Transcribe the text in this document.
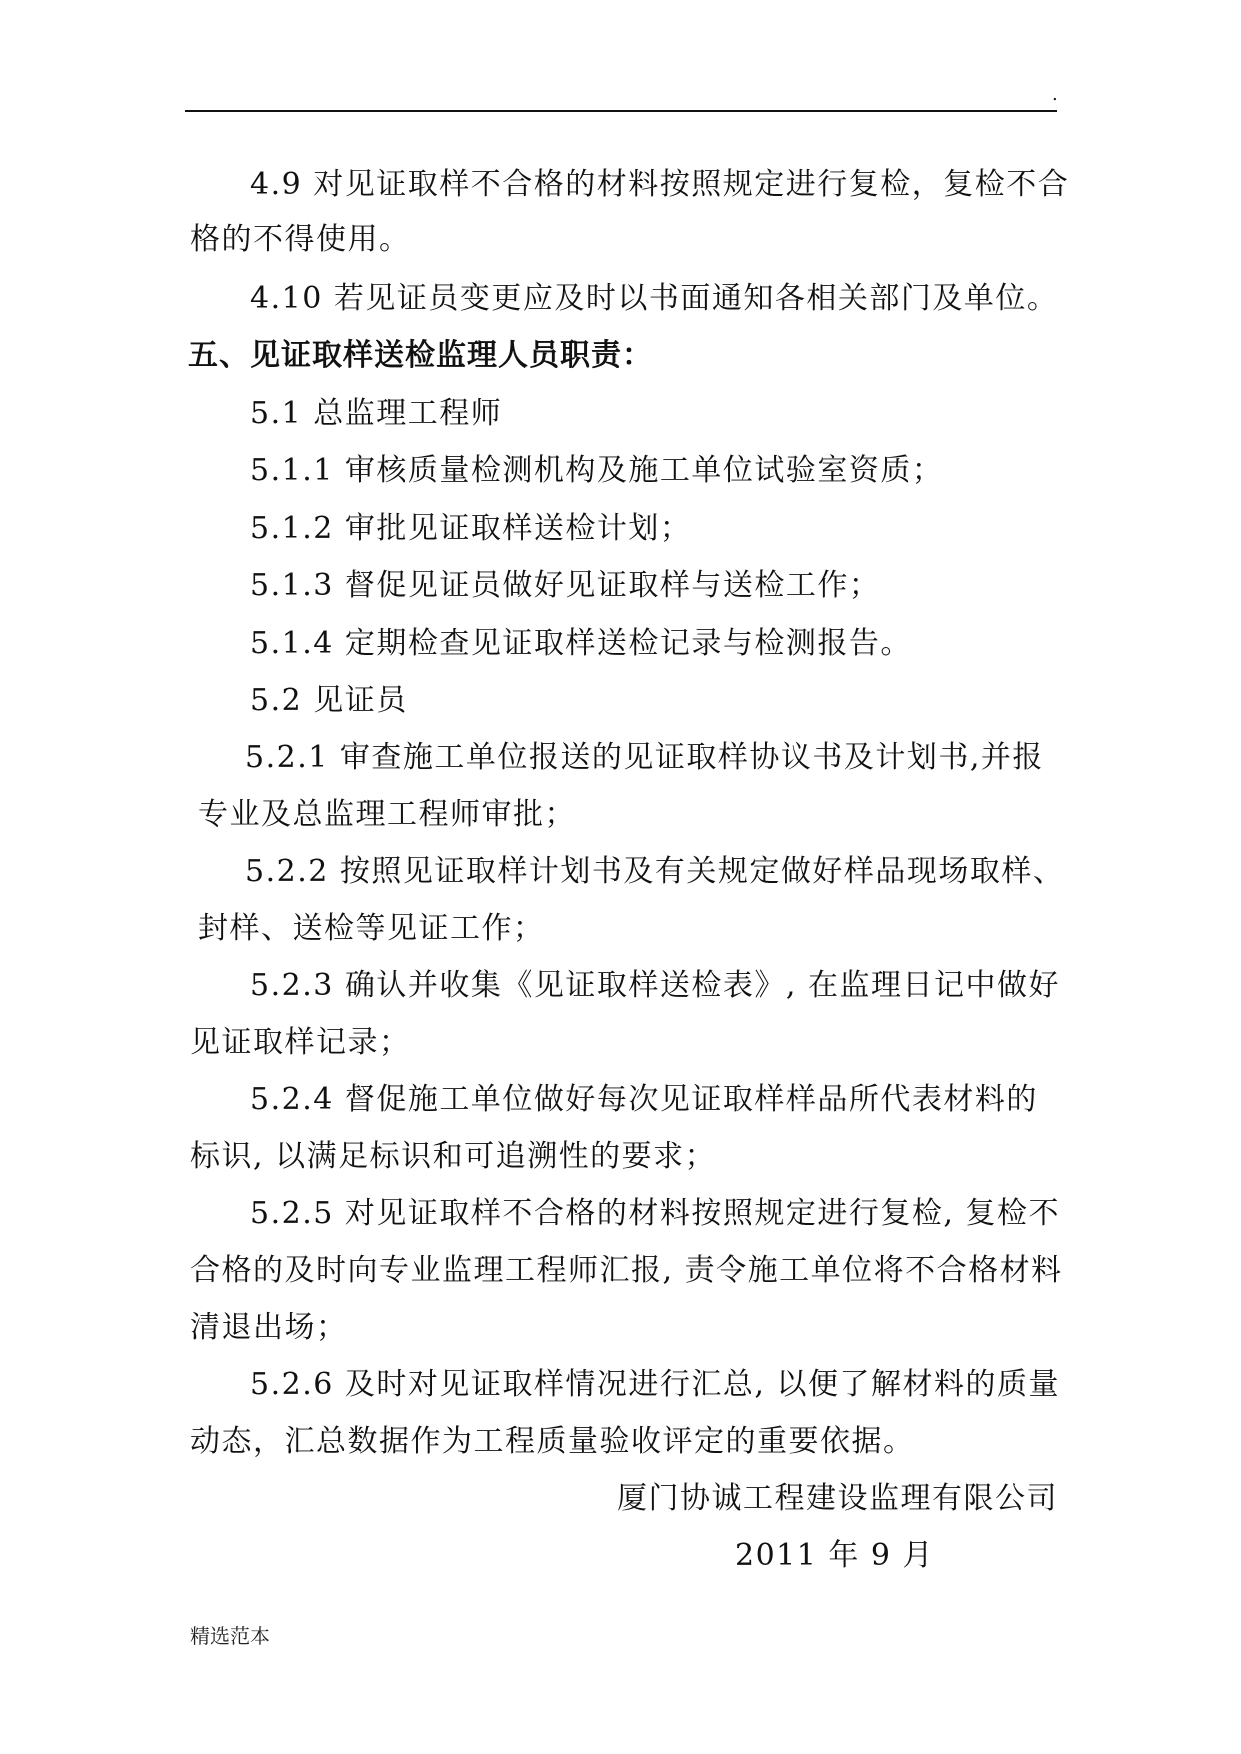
.
4.9 对见证取样不合格的材料按照规定进行复检，复检不合
格的不得使用。
4.10 若见证员变更应及时以书面通知各相关部门及单位。
五、见证取样送检监理人员职责：
5.1 总监理工程师
5.1.1 审核质量检测机构及施工单位试验室资质；
5.1.2 审批见证取样送检计划；
5.1.3 督促见证员做好见证取样与送检工作；
5.1.4 定期检查见证取样送检记录与检测报告。
5.2 见证员
5.2.1 审查施工单位报送的见证取样协议书及计划书,并报
专业及总监理工程师审批；
5.2.2 按照见证取样计划书及有关规定做好样品现场取样、
封样、送检等见证工作；
5.2.3 确认并收集《见证取样送检表》, 在监理日记中做好
见证取样记录；
5.2.4 督促施工单位做好每次见证取样样品所代表材料的
标识, 以满足标识和可追溯性的要求；
5.2.5 对见证取样不合格的材料按照规定进行复检, 复检不
合格的及时向专业监理工程师汇报, 责令施工单位将不合格材料
清退出场；
5.2.6 及时对见证取样情况进行汇总, 以便了解材料的质量
动态，汇总数据作为工程质量验收评定的重要依据。
厦门协诚工程建设监理有限公司
2011 年 9 月
精选范本
